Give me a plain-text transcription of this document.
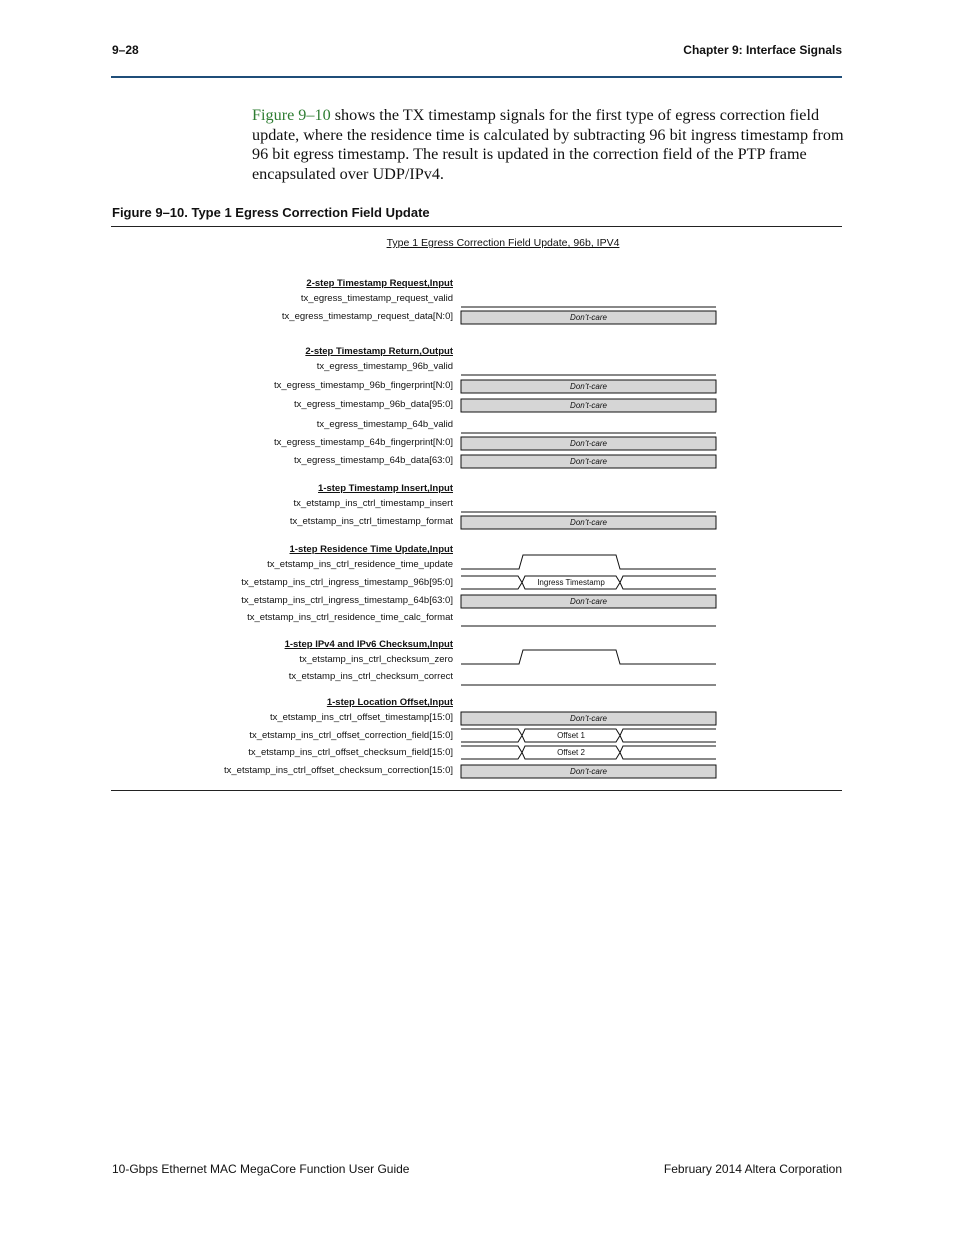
9–28	Chapter 9: Interface Signals

Figure 9–10 shows the TX timestamp signals for the first type of egress correction field update, where the residence time is calculated by subtracting 96 bit ingress timestamp from 96 bit egress timestamp. The result is updated in the correction field of the PTP frame encapsulated over UDP/IPv4.

Figure 9–10. Type 1 Egress Correction Field Update
Type 1 Egress Correction Field Update, 96b, IPV4
2-step Timestamp Request,Input
tx_egress_timestamp_request_valid
tx_egress_timestamp_request_data[N:0]
2-step Timestamp Return,Output
tx_egress_timestamp_96b_valid
tx_egress_timestamp_96b_fingerprint[N:0]
tx_egress_timestamp_96b_data[95:0]
tx_egress_timestamp_64b_valid
tx_egress_timestamp_64b_fingerprint[N:0]
tx_egress_timestamp_64b_data[63:0]
1-step Timestamp Insert,Input
tx_etstamp_ins_ctrl_timestamp_insert
tx_etstamp_ins_ctrl_timestamp_format
1-step Residence Time Update,Input
tx_etstamp_ins_ctrl_residence_time_update
tx_etstamp_ins_ctrl_ingress_timestamp_96b[95:0]
tx_etstamp_ins_ctrl_ingress_timestamp_64b[63:0]
tx_etstamp_ins_ctrl_residence_time_calc_format
1-step IPv4 and IPv6 Checksum,Input
tx_etstamp_ins_ctrl_checksum_zero
tx_etstamp_ins_ctrl_checksum_correct
1-step Location Offset,Input
tx_etstamp_ins_ctrl_offset_timestamp[15:0]
tx_etstamp_ins_ctrl_offset_correction_field[15:0]
tx_etstamp_ins_ctrl_offset_checksum_field[15:0]
tx_etstamp_ins_ctrl_offset_checksum_correction[15:0]
Don’t-care
Don’t-care
Don’t-care
Don’t-care
Don’t-care
Don’t-care
Ingress Timestamp
Don’t-care
Don’t-care
Offset 1
Offset 2
Don’t-care
10-Gbps Ethernet MAC MegaCore Function User Guide	February 2014 Altera Corporation
